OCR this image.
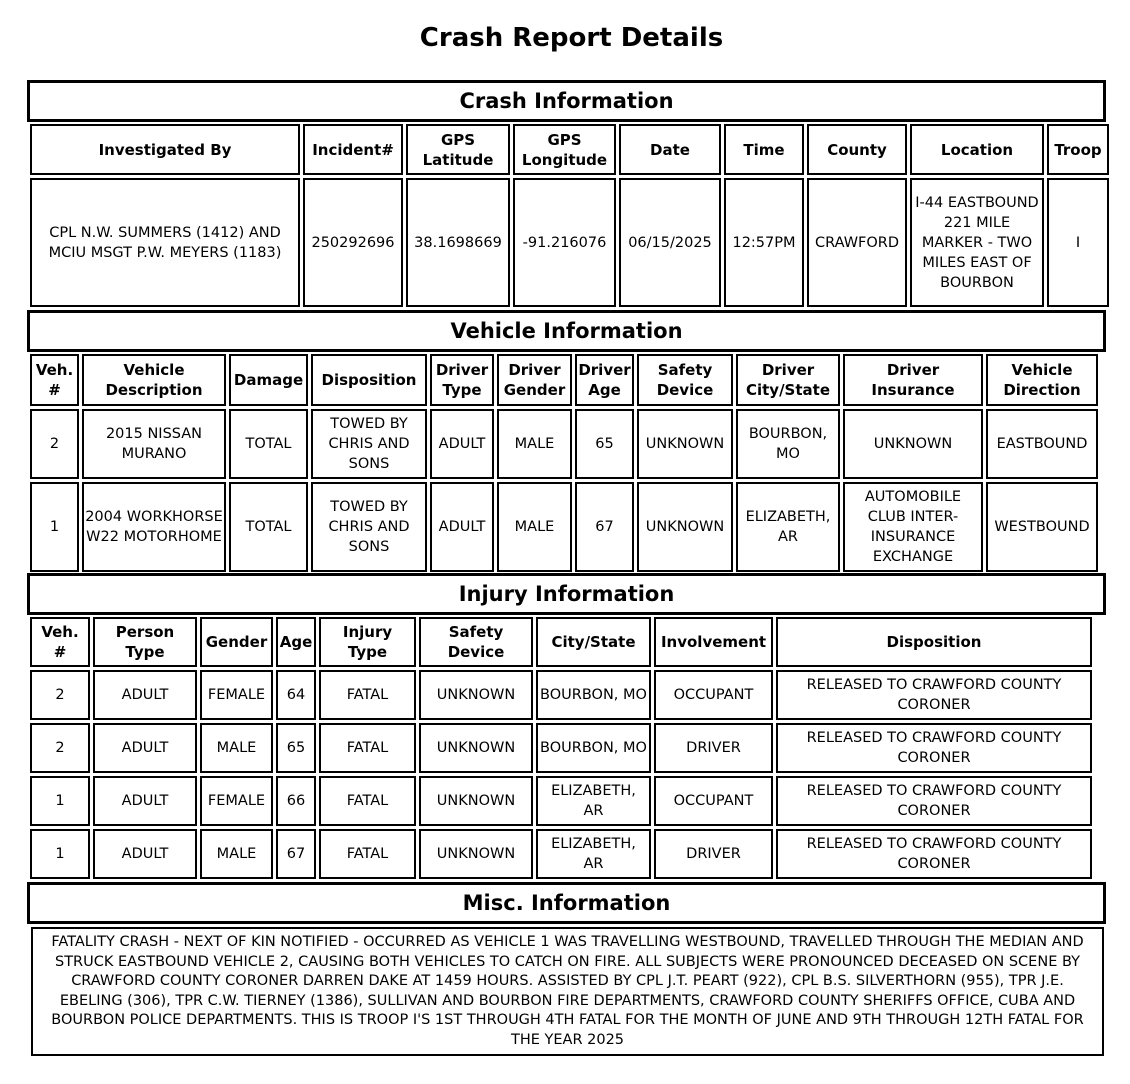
Crash Report Details
Crash Information
Investigated By	Incident#	GPS Latitude	GPS Longitude	Date	Time	County	Location	Troop
CPL N.W. SUMMERS (1412) AND MCIU MSGT P.W. MEYERS (1183)	250292696	38.1698669	-91.216076	06/15/2025	12:57PM	CRAWFORD	I-44 EASTBOUND 221 MILE MARKER - TWO MILES EAST OF BOURBON	I
Vehicle Information
Veh. #	Vehicle Description	Damage	Disposition	Driver Type	Driver Gender	Driver Age	Safety Device	Driver City/State	Driver Insurance	Vehicle Direction
2	2015 NISSAN MURANO	TOTAL	TOWED BY CHRIS AND SONS	ADULT	MALE	65	UNKNOWN	BOURBON, MO	UNKNOWN	EASTBOUND
1	2004 WORKHORSE W22 MOTORHOME	TOTAL	TOWED BY CHRIS AND SONS	ADULT	MALE	67	UNKNOWN	ELIZABETH, AR	AUTOMOBILE CLUB INTER-INSURANCE EXCHANGE	WESTBOUND
Injury Information
Veh. #	Person Type	Gender	Age	Injury Type	Safety Device	City/State	Involvement	Disposition
2	ADULT	FEMALE	64	FATAL	UNKNOWN	BOURBON, MO	OCCUPANT	RELEASED TO CRAWFORD COUNTY CORONER
2	ADULT	MALE	65	FATAL	UNKNOWN	BOURBON, MO	DRIVER	RELEASED TO CRAWFORD COUNTY CORONER
1	ADULT	FEMALE	66	FATAL	UNKNOWN	ELIZABETH, AR	OCCUPANT	RELEASED TO CRAWFORD COUNTY CORONER
1	ADULT	MALE	67	FATAL	UNKNOWN	ELIZABETH, AR	DRIVER	RELEASED TO CRAWFORD COUNTY CORONER
Misc. Information
FATALITY CRASH - NEXT OF KIN NOTIFIED - OCCURRED AS VEHICLE 1 WAS TRAVELLING WESTBOUND, TRAVELLED THROUGH THE MEDIAN AND STRUCK EASTBOUND VEHICLE 2, CAUSING BOTH VEHICLES TO CATCH ON FIRE. ALL SUBJECTS WERE PRONOUNCED DECEASED ON SCENE BY CRAWFORD COUNTY CORONER DARREN DAKE AT 1459 HOURS. ASSISTED BY CPL J.T. PEART (922), CPL B.S. SILVERTHORN (955), TPR J.E. EBELING (306), TPR C.W. TIERNEY (1386), SULLIVAN AND BOURBON FIRE DEPARTMENTS, CRAWFORD COUNTY SHERIFFS OFFICE, CUBA AND BOURBON POLICE DEPARTMENTS. THIS IS TROOP I'S 1ST THROUGH 4TH FATAL FOR THE MONTH OF JUNE AND 9TH THROUGH 12TH FATAL FOR THE YEAR 2025
